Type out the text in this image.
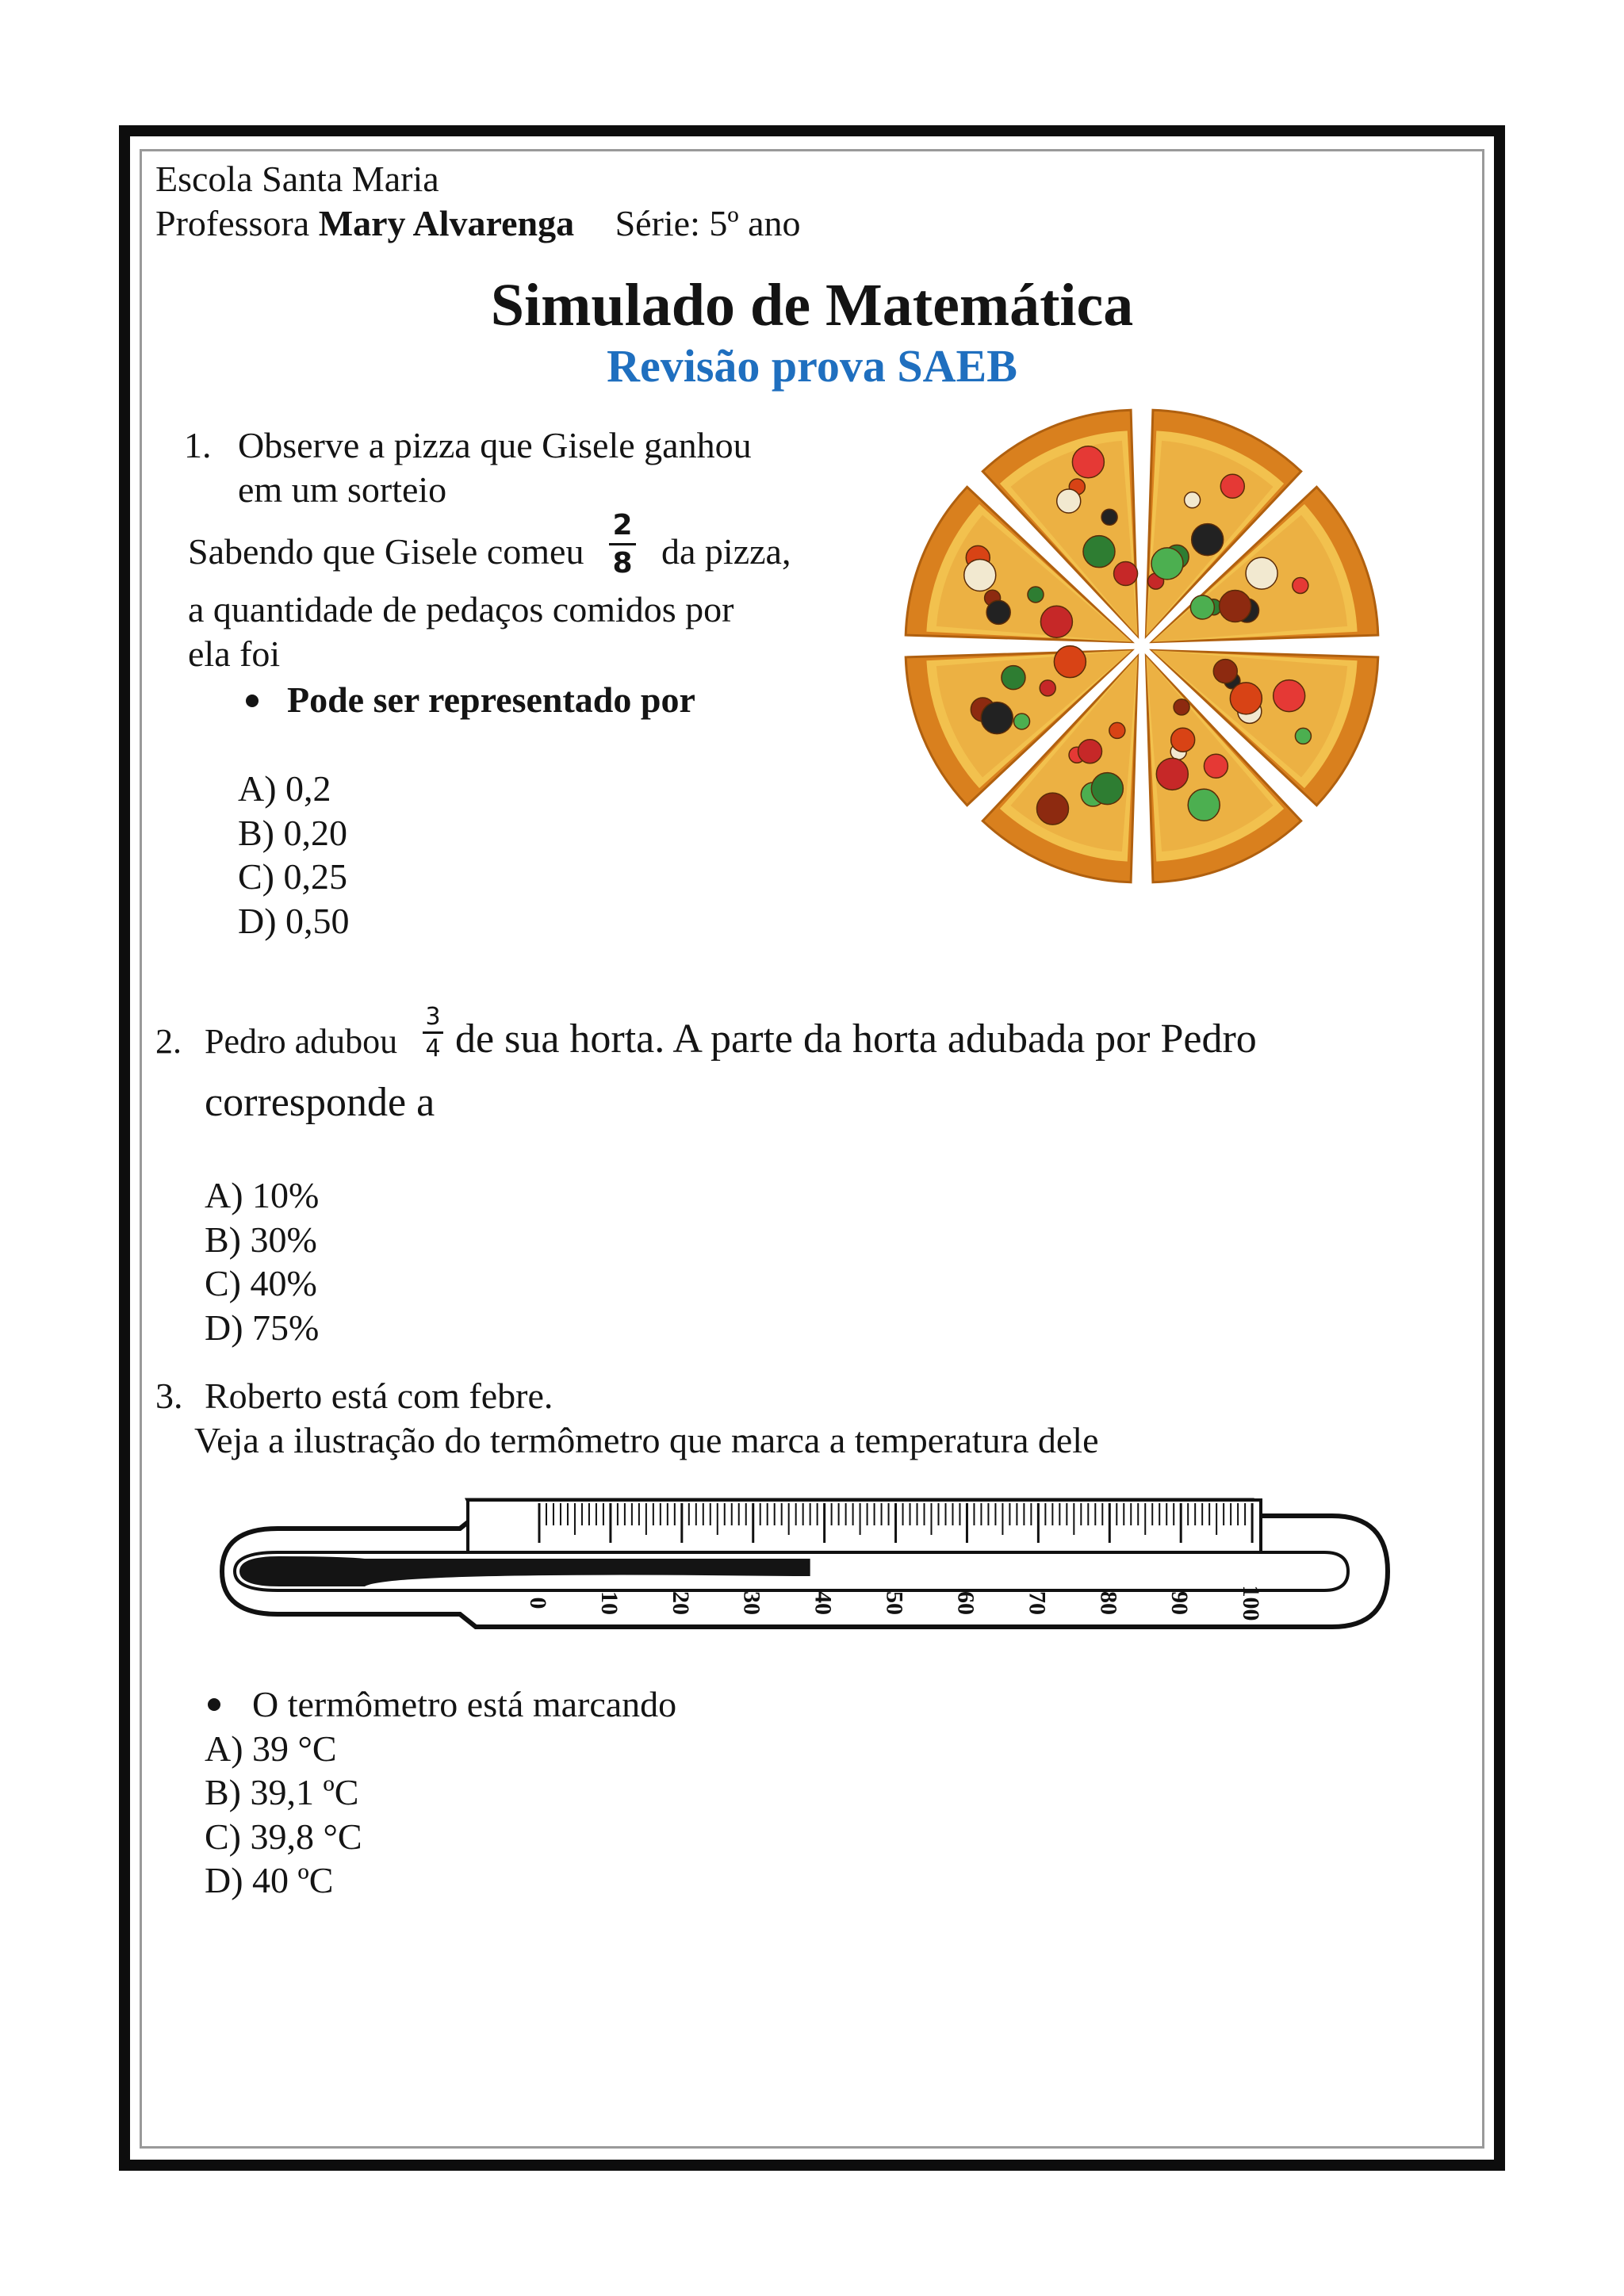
Escola Santa Maria
Professora Mary Alvarenga Série: 5º ano
Simulado de Matemática
Revisão prova SAEB
1. Observe a pizza que Gisele ganhou
em um sorteio
Sabendo que Gisele comeu
2
8 da pizza,
a quantidade de pedaços comidos por
ela foi
Pode ser representado por
A) 0,2
B) 0,20
C) 0,25
D) 0,50
2. Pedro adubou
3
4 de sua horta. A parte da horta adubada por Pedro
corresponde a
A) 10%
B) 30%
C) 40%
D) 75%
3. Roberto está com febre.
Veja a ilustração do termômetro que marca a temperatura dele
0 10 20 30 40 50 60 70 80 90 100
O termômetro está marcando
A) 39 °C
B) 39,1 ºC
C) 39,8 °C
D) 40 ºC
